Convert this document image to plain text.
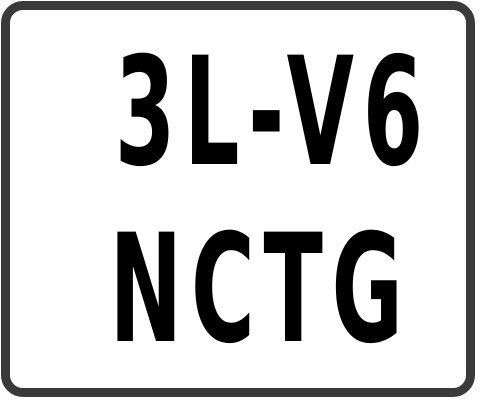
3L-V6
NCTG
